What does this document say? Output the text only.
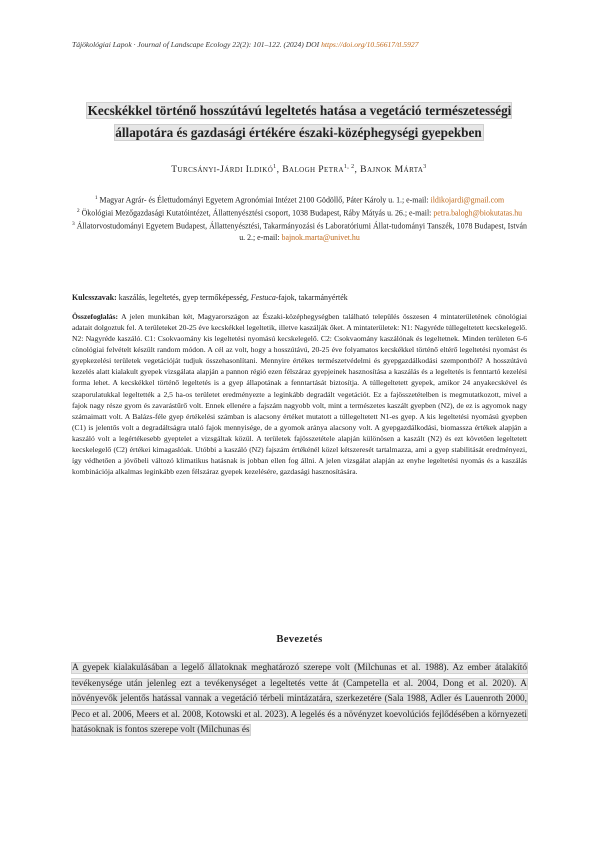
Tájökológiai Lapok · Journal of Landscape Ecology 22(2): 101–122. (2024) DOI https://doi.org/10.56617/tl.5927
Kecskékkel történő hosszútávú legeltetés hatása a vegetáció természetességi állapotára és gazdasági értékére északi-középhegységi gyepekben
Turcsányi-Járdi Ildikó$^1$, Balogh Petra$^{1, 2}$, Bajnok Márta$^3$
$^1$ Magyar Agrár- és Élettudományi Egyetem Agronómiai Intézet 2100 Gödöllő, Páter Károly u. 1.; e-mail: ildikojardi@gmail.com
$^2$ Ökológiai Mezőgazdasági Kutatóintézet, Állattenyésztési csoport, 1038 Budapest, Ráby Mátyás u. 26.; e-mail: petra.balogh@biokutatas.hu
$^3$ Állatorvostudományi Egyetem Budapest, Állattenyésztési, Takarmányozási és Laboratóriumi Állat-tudományi Tanszék, 1078 Budapest, István u. 2.; e-mail: bajnok.marta@univet.hu
Kulcsszavak: kaszálás, legeltetés, gyep termőképesség, Festuca-fajok, takarmányérték

Összefoglalás: A jelen munkában két, Magyarországon az Északi-középhegységben található település összesen 4 mintaterületének cönológiai adatait dolgoztuk fel. A területeket 20-25 éve kecskékkel legeltetik, illetve kaszálják őket. A mintaterületek: N1: Nagyréde túllegeltetett kecskelegelő. N2: Nagyréde kaszáló. C1: Csokvaomány kis legeltetési nyomású kecskelegelő. C2: Csokvaomány kaszálónak és legeltetnek. Minden területen 6-6 cönológiai felvételt készült random módon. A cél az volt, hogy a hosszútávú, 20-25 éve folyamatos kecskékkel történő eltérő legeltetési nyomást és gyepkezelési területek vegetációját tudjuk összehasonlítani. Mennyire értékes természetvédelmi és gyepgazdálkodási szempontból? A hosszútávú kezelés alatt kialakult gyepek vizsgálata alapján a pannon régió ezen félszáraz gyepjeinek hasznosítása a kaszálás és a legeltetés is fenntartó kezelési forma lehet. A kecskékkel történő legeltetés is a gyep állapotának a fenntartását biztosítja. A túllegeltetett gyepek, amikor 24 anyakecskével és szaporulatukkal legeltették a 2,5 ha-os területet eredményezte a leginkább degradált vegetációt. Ez a fajösszetételben is megmutatkozott, mivel a fajok nagy része gyom és zavarástűrő volt. Ennek ellenére a fajszám nagyobb volt, mint a természetes kaszált gyepben (N2), de ez is agyomok nagy számaimatt volt. A Balázs-féle gyep értékelési számban is alacsony értéket mutatott a túllegeltetett N1-es gyep. A kis legeltetési nyomású gyepben (C1) is jelentős volt a degradáltságra utaló fajok mennyisége, de a gyomok aránya alacsony volt. A gyepgazdálkodási, biomassza értékek alapján a kaszáló volt a legértékesebb gyeptelet a vizsgáltak közül. A területek fajösszetétele alapján különösen a kaszált (N2) és ezt követően legeltetett kecskelegelő (C2) értékei kimagaslóak. Utóbbi a kaszáló (N2) fajszám értékénél közel kétszeresét tartalmazza, ami a gyep stabilitását eredményezi, így védhetően a jövőbeli változó klimatikus hatásnak is jobban ellen fog állni. A jelen vizsgálat alapján az enyhe legeltetési nyomás és a kaszálás kombinációja alkalmas leginkább ezen félszáraz gyepek kezelésére, gazdasági hasznosítására.

Bevezetés
A gyepek kialakulásában a legelő állatoknak meghatározó szerepe volt (Milchunas et al. 1988). Az ember átalakító tevékenysége után jelenleg ezt a tevékenységet a legeltetés vette át (Campetella et al. 2004, Dong et al. 2020). A növényevők jelentős hatással vannak a vegetáció térbeli mintázatára, szerkezetére (Sala 1988, Adler és Lauenroth 2000, Peco et al. 2006, Meers et al. 2008, Kotowski et al. 2023). A legelés és a növényzet koevolúciós fejlődésében a környezeti hatásoknak is fontos szerepe volt (Milchunas és
